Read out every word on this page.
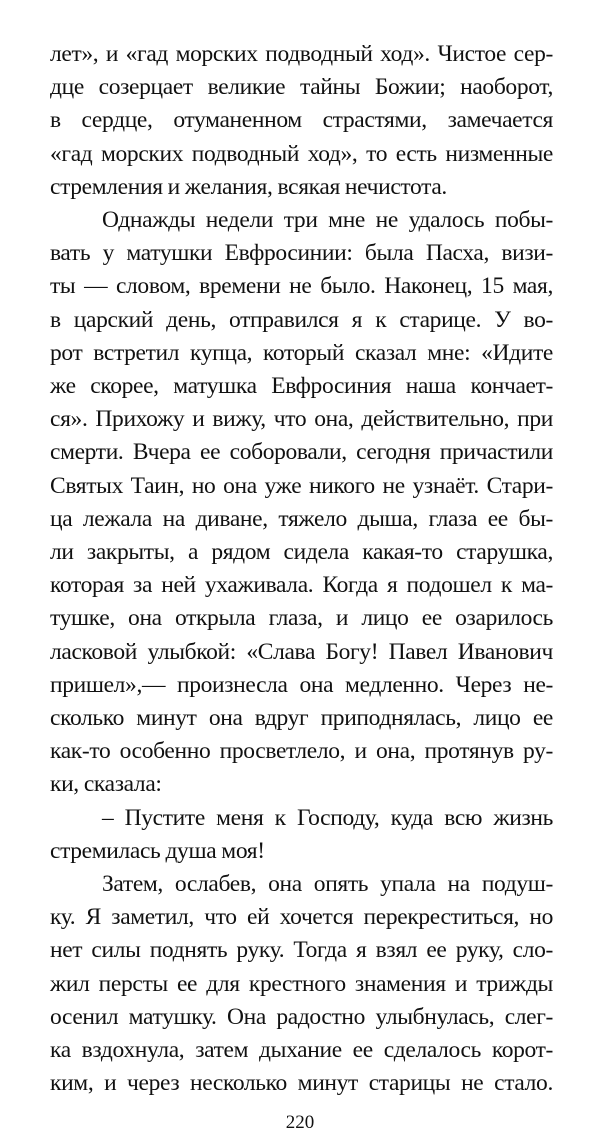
лет», и «гад морских подводный ход». Чистое сер-
дце созерцает великие тайны Божии; наоборот,
в сердце, отуманенном страстями, замечается
«гад морских подводный ход», то есть низменные
стремления и желания, всякая нечистота.
Однажды недели три мне не удалось побы-
вать у матушки Евфросинии: была Пасха, визи-
ты — словом, времени не было. Наконец, 15 мая,
в царский день, отправился я к старице. У во-
рот встретил купца, который сказал мне: «Идите
же скорее, матушка Евфросиния наша кончает-
ся». Прихожу и вижу, что она, действительно, при
смерти. Вчера ее соборовали, сегодня причастили
Святых Таин, но она уже никого не узнаёт. Стари-
ца лежала на диване, тяжело дыша, глаза ее бы-
ли закрыты, а рядом сидела какая-то старушка,
которая за ней ухаживала. Когда я подошел к ма-
тушке, она открыла глаза, и лицо ее озарилось
ласковой улыбкой: «Слава Богу! Павел Иванович
пришел»,— произнесла она медленно. Через не-
сколько минут она вдруг приподнялась, лицо ее
как-то особенно просветлело, и она, протянув ру-
ки, сказала:
– Пустите меня к Господу, куда всю жизнь
стремилась душа моя!
Затем, ослабев, она опять упала на подуш-
ку. Я заметил, что ей хочется перекреститься, но
нет силы поднять руку. Тогда я взял ее руку, сло-
жил персты ее для крестного знамения и трижды
осенил матушку. Она радостно улыбнулась, слег-
ка вздохнула, затем дыхание ее сделалось корот-
ким, и через несколько минут старицы не стало.
220
